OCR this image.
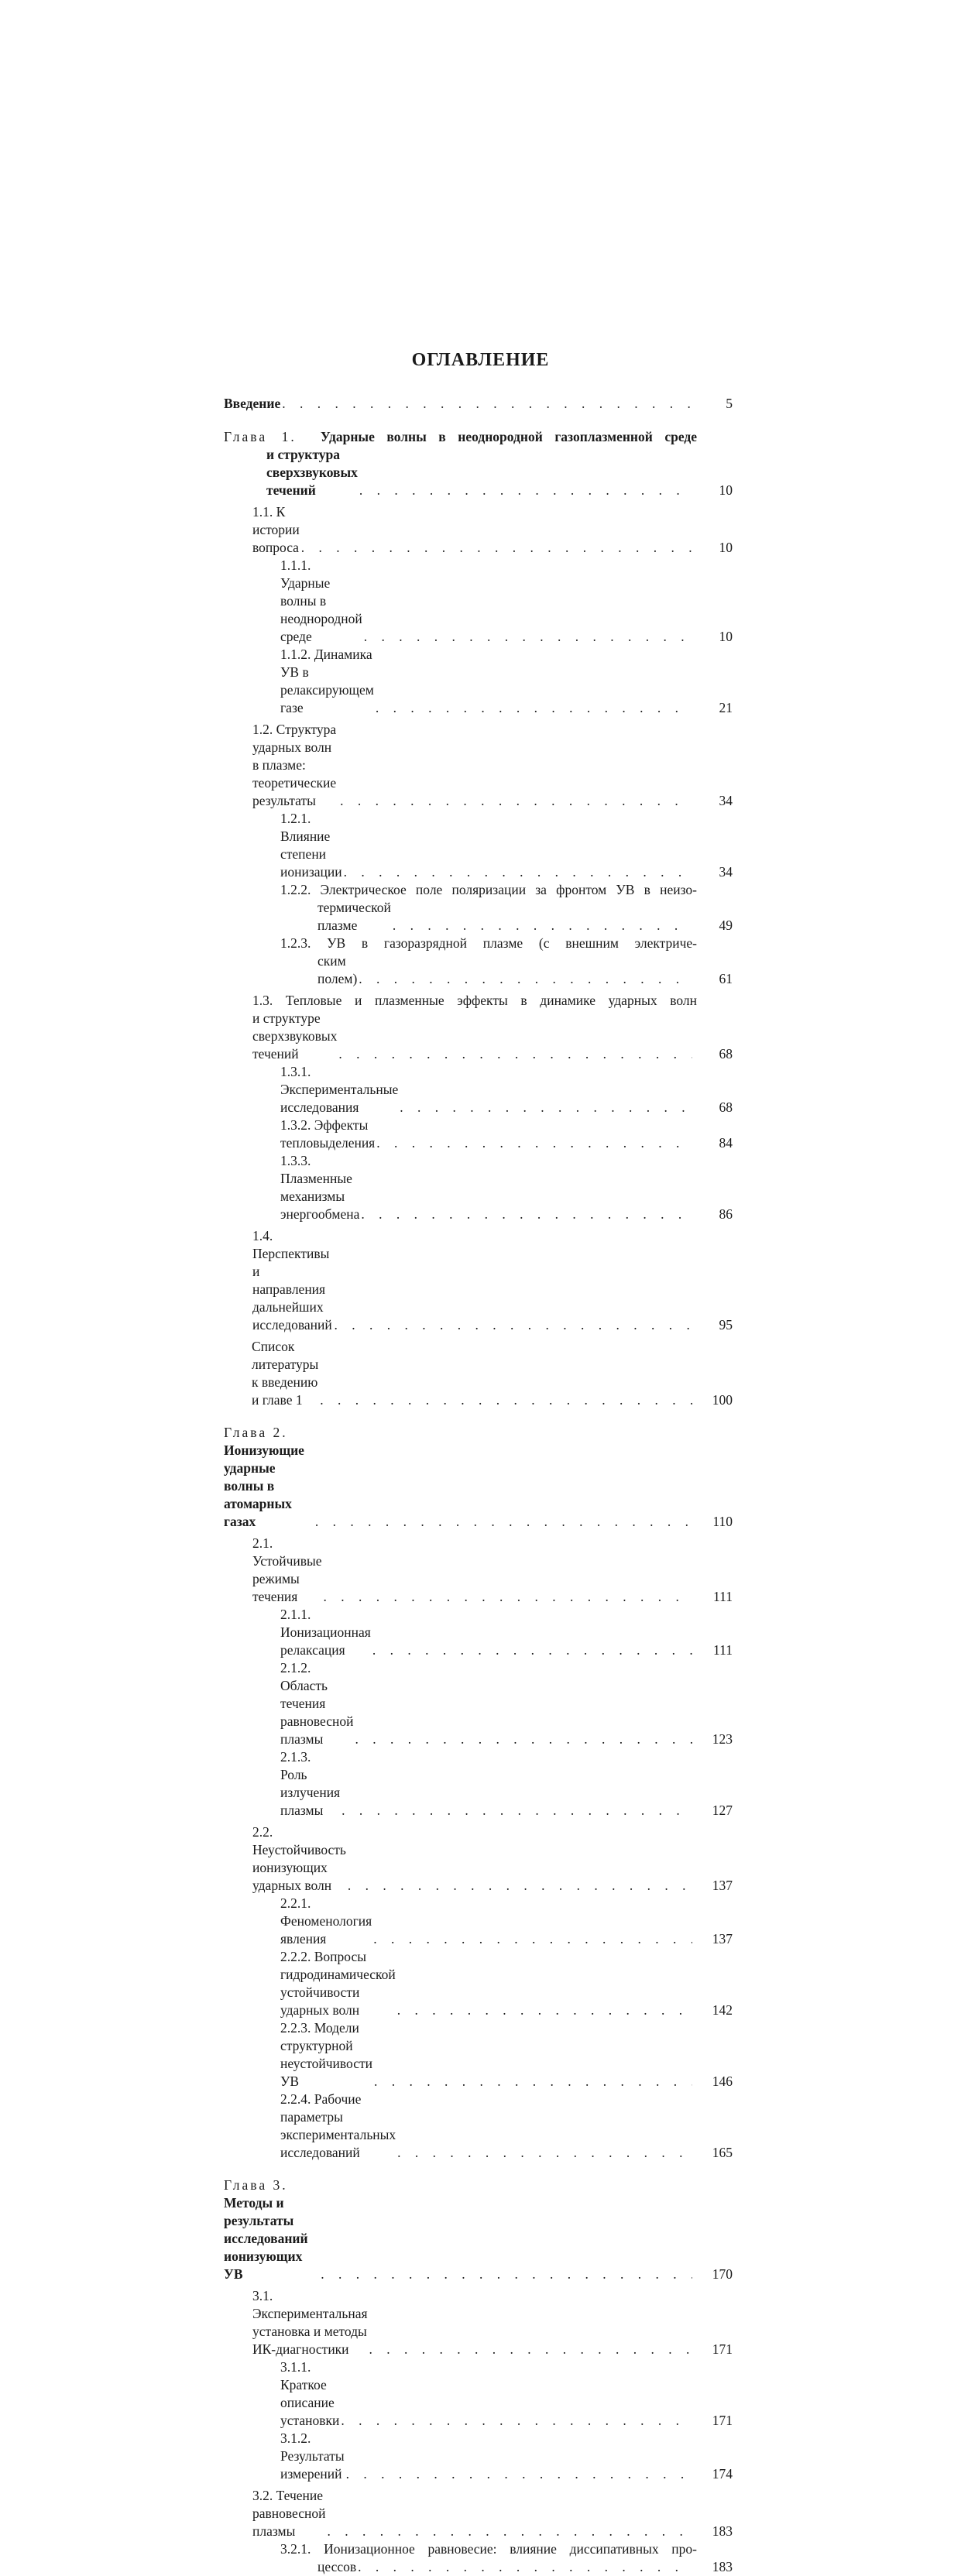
ОГЛАВЛЕНИЕ
Введение . . .	5
Глава 1. Ударные волны в неоднородной газоплазменной среде
и структура сверхзвуковых течений . . .	10
1.1. К истории вопроса . . .	10
1.1.1. Ударные волны в неоднородной среде . . .	10
1.1.2. Динамика УВ в релаксирующем газе . . .	21
1.2. Структура ударных волн в плазме: теоретические результаты . . .	34
1.2.1. Влияние степени ионизации . . .	34
1.2.2. Электрическое поле поляризации за фронтом УВ в неизо-
термической плазме . . .	49
1.2.3. УВ в газоразрядной плазме (с внешним электриче-
ским полем) . . .	61
1.3. Тепловые и плазменные эффекты в динамике ударных волн
и структуре сверхзвуковых течений . . .	68
1.3.1. Экспериментальные исследования . . .	68
1.3.2. Эффекты тепловыделения . . .	84
1.3.3. Плазменные механизмы энергообмена . . .	86
1.4. Перспективы и направления дальнейших исследований . . .	95
Список литературы к введению и главе 1 . . .	100
Глава 2.  Ионизующие ударные волны в атомарных газах . . .	110
2.1. Устойчивые режимы течения . . .	111
2.1.1. Ионизационная релаксация . . .	111
2.1.2. Область течения равновесной плазмы . . .	123
2.1.3. Роль излучения плазмы . . .	127
2.2. Неустойчивость ионизующих ударных волн . . .	137
2.2.1. Феноменология явления . . .	137
2.2.2. Вопросы гидродинамической устойчивости ударных волн . . .	142
2.2.3. Модели структурной неустойчивости УВ . . .	146
2.2.4. Рабочие параметры экспериментальных исследований . . .	165
Глава 3.  Методы и результаты исследований ионизующих УВ . . .	170
3.1. Экспериментальная установка и методы ИК-диагностики . . .	171
3.1.1. Краткое описание установки . . .	171
3.1.2. Результаты измерений . . .	174
3.2. Течение равновесной плазмы . . .	183
3.2.1. Ионизационное равновесие: влияние диссипативных про-
цессов . . .	183
